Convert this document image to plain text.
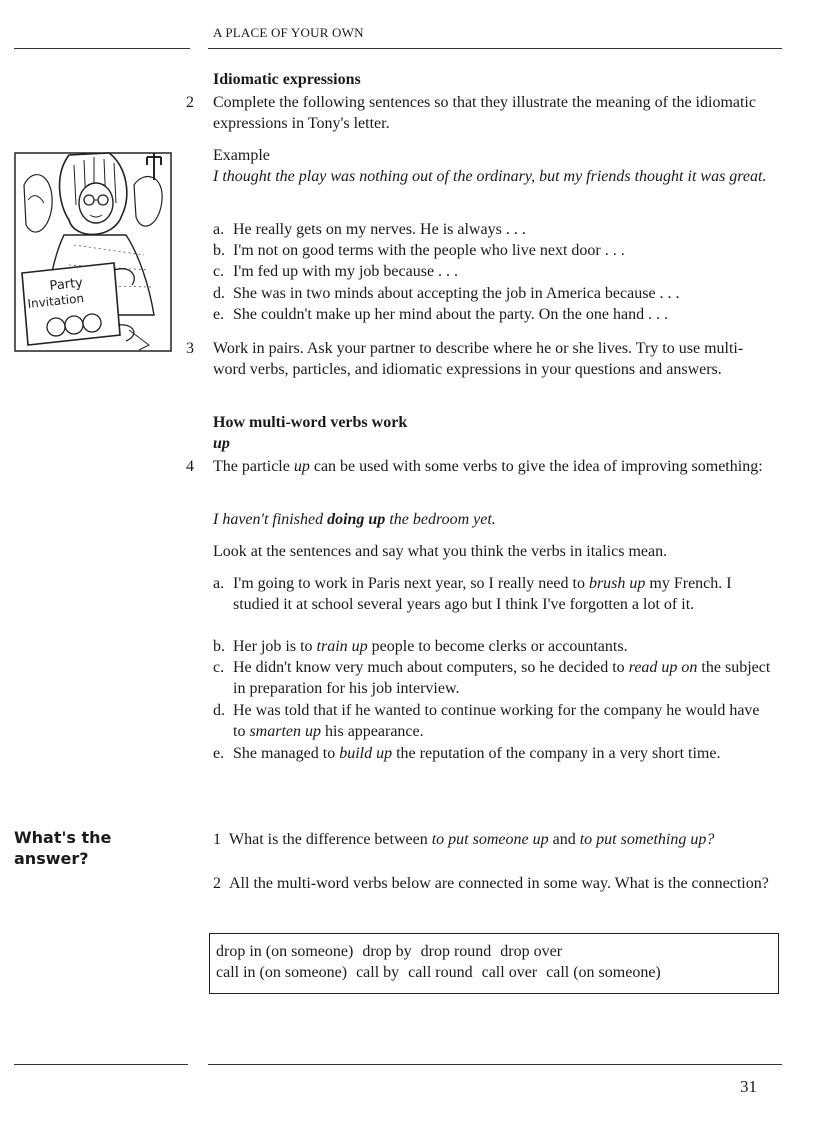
A PLACE OF YOUR OWN
Party
Invitation
Idiomatic expressions
2 Complete the following sentences so that they illustrate the meaning of the idiomatic expressions in Tony's letter.
Example
I thought the play was nothing out of the ordinary, but my friends thought it was great.
a. He really gets on my nerves. He is always . . .
b. I'm not on good terms with the people who live next door . . .
c. I'm fed up with my job because . . .
d. She was in two minds about accepting the job in America because . . .
e. She couldn't make up her mind about the party. On the one hand . . .
3 Work in pairs. Ask your partner to describe where he or she lives. Try to use multi-word verbs, particles, and idiomatic expressions in your questions and answers.
How multi-word verbs work
up
4 The particle up can be used with some verbs to give the idea of improving something:
I haven't finished doing up the bedroom yet.
Look at the sentences and say what you think the verbs in italics mean.
a. I'm going to work in Paris next year, so I really need to brush up my French. I studied it at school several years ago but I think I've forgotten a lot of it.
b. Her job is to train up people to become clerks or accountants.
c. He didn't know very much about computers, so he decided to read up on the subject in preparation for his job interview.
d. He was told that if he wanted to continue working for the company he would have to smarten up his appearance.
e. She managed to build up the reputation of the company in a very short time.
What's the
answer?
1 What is the difference between to put someone up and to put something up?
2 All the multi-word verbs below are connected in some way. What is the connection?
drop in (on someone) drop by drop round drop over
call in (on someone) call by call round call over call (on someone)
31
